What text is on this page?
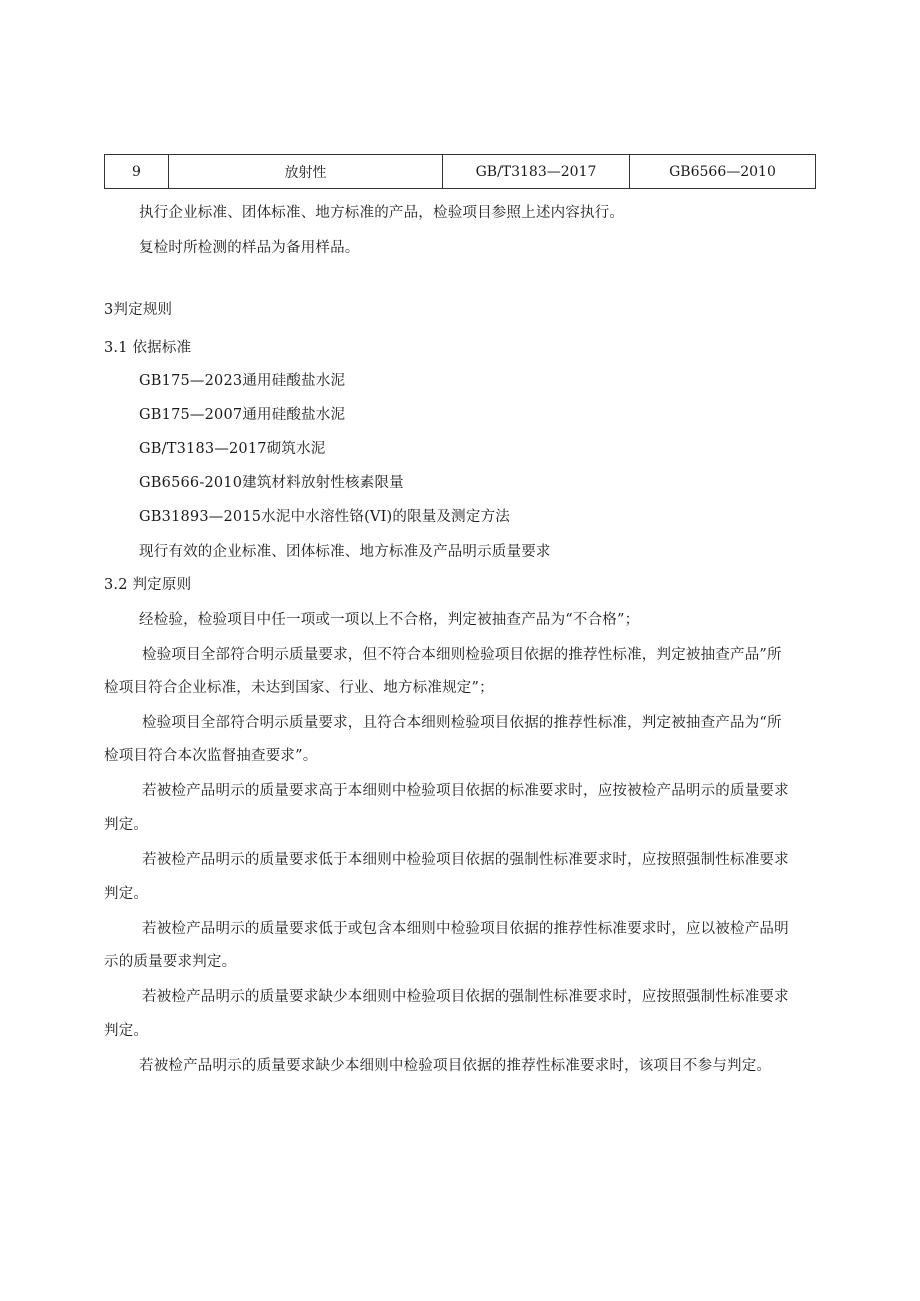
9	放射性	GB/T3183—2017	GB6566—2010
执行企业标准、团体标准、地方标准的产品，检验项目参照上述内容执行。
复检时所检测的样品为备用样品。
3判定规则
3.1 依据标准
GB175—2023通用硅酸盐水泥
GB175—2007通用硅酸盐水泥
GB/T3183—2017砌筑水泥
GB6566-2010建筑材料放射性核素限量
GB31893—2015水泥中水溶性铬(VI)的限量及测定方法
现行有效的企业标准、团体标准、地方标准及产品明示质量要求
3.2 判定原则
经检验，检验项目中任一项或一项以上不合格，判定被抽查产品为“不合格”；
检验项目全部符合明示质量要求，但不符合本细则检验项目依据的推荐性标准，判定被抽查产品”所
检项目符合企业标准，未达到国家、行业、地方标准规定”；
检验项目全部符合明示质量要求，且符合本细则检验项目依据的推荐性标准，判定被抽查产品为“所
检项目符合本次监督抽查要求”。
若被检产品明示的质量要求高于本细则中检验项目依据的标准要求时，应按被检产品明示的质量要求
判定。
若被检产品明示的质量要求低于本细则中检验项目依据的强制性标准要求时，应按照强制性标准要求
判定。
若被检产品明示的质量要求低于或包含本细则中检验项目依据的推荐性标准要求时，应以被检产品明
示的质量要求判定。
若被检产品明示的质量要求缺少本细则中检验项目依据的强制性标准要求时，应按照强制性标准要求
判定。
若被检产品明示的质量要求缺少本细则中检验项目依据的推荐性标准要求时，该项目不参与判定。
